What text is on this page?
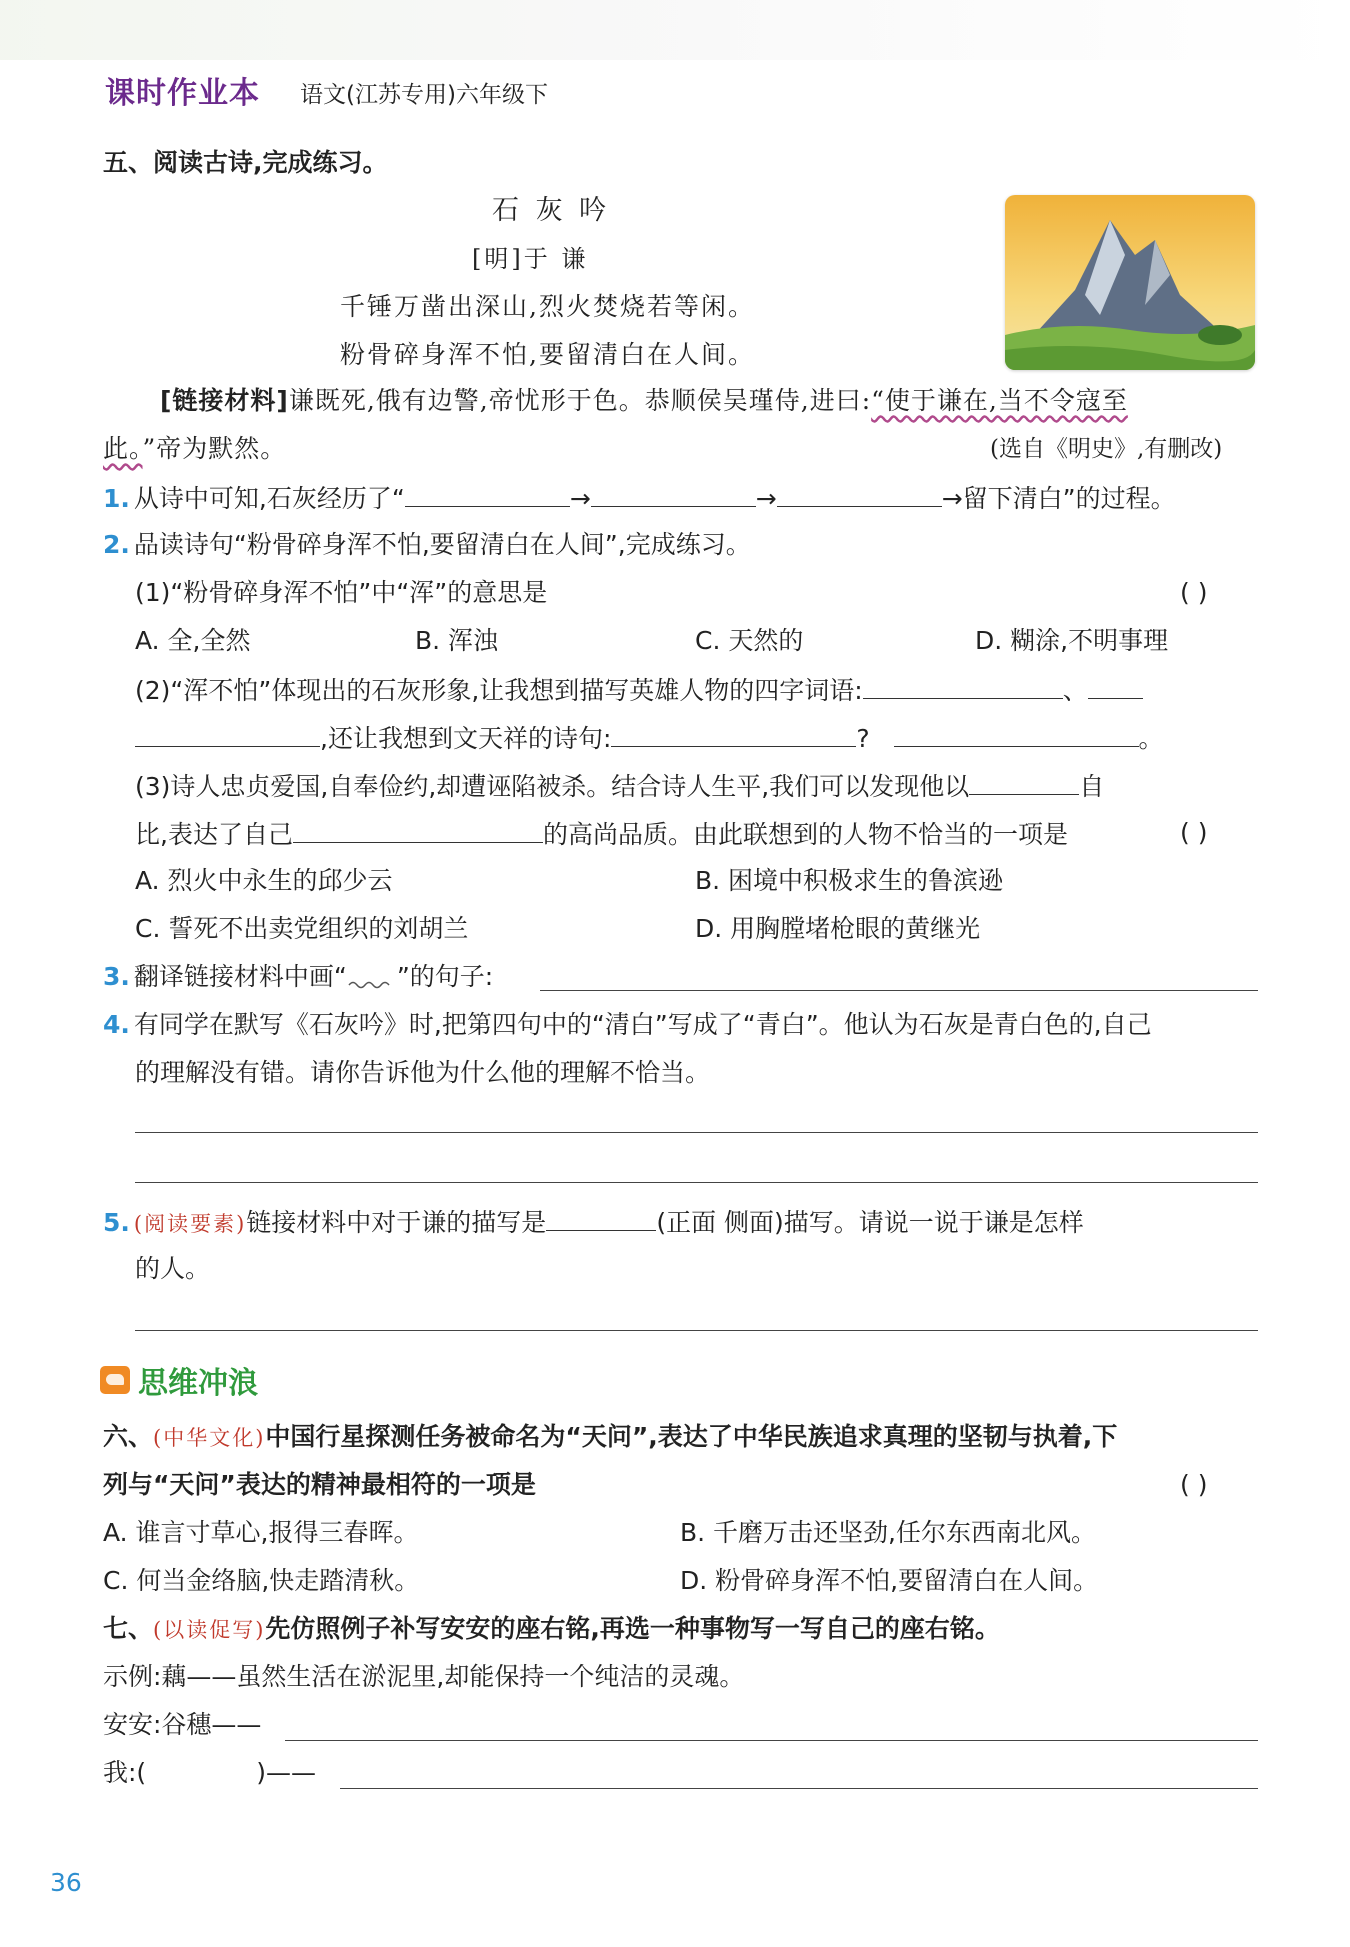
课时作业本 语文(江苏专用)六年级下
五、阅读古诗,完成练习。
石 灰 吟
[明]于 谦
千锤万凿出深山,烈火焚烧若等闲。
粉骨碎身浑不怕,要留清白在人间。
[链接材料]谦既死,俄有边警,帝忧形于色。恭顺侯吴瑾侍,进曰:“使于谦在,当不令寇至
此。”帝为默然。	(选自《明史》,有删改)
1. 从诗中可知,石灰经历了“	→	→	→留下清白”的过程。
2. 品读诗句“粉骨碎身浑不怕,要留清白在人间”,完成练习。
(1)“粉骨碎身浑不怕”中“浑”的意思是	( )
A. 全,全然	B. 浑浊	C. 天然的	D. 糊涂,不明事理
(2)“浑不怕”体现出的石灰形象,让我想到描写英雄人物的四字词语:	、
,还让我想到文天祥的诗句:	?	。
(3)诗人忠贞爱国,自奉俭约,却遭诬陷被杀。结合诗人生平,我们可以发现他以	自
比,表达了自己	的高尚品质。由此联想到的人物不恰当的一项是	( )
A. 烈火中永生的邱少云	B. 困境中积极求生的鲁滨逊
C. 誓死不出卖党组织的刘胡兰	D. 用胸膛堵枪眼的黄继光
3. 翻译链接材料中画“ ”的句子:
4. 有同学在默写《石灰吟》时,把第四句中的“清白”写成了“青白”。他认为石灰是青白色的,自己
的理解没有错。请你告诉他为什么他的理解不恰当。
5. (阅读要素)链接材料中对于谦的描写是	(正面 侧面)描写。请说一说于谦是怎样
的人。
思维冲浪
六、(中华文化)中国行星探测任务被命名为“天问”,表达了中华民族追求真理的坚韧与执着,下
列与“天问”表达的精神最相符的一项是	( )
A. 谁言寸草心,报得三春晖。	B. 千磨万击还坚劲,任尔东西南北风。
C. 何当金络脑,快走踏清秋。	D. 粉骨碎身浑不怕,要留清白在人间。
七、(以读促写)先仿照例子补写安安的座右铭,再选一种事物写一写自己的座右铭。
示例:藕——虽然生活在淤泥里,却能保持一个纯洁的灵魂。
安安:谷穗——
我:(	)——
36
